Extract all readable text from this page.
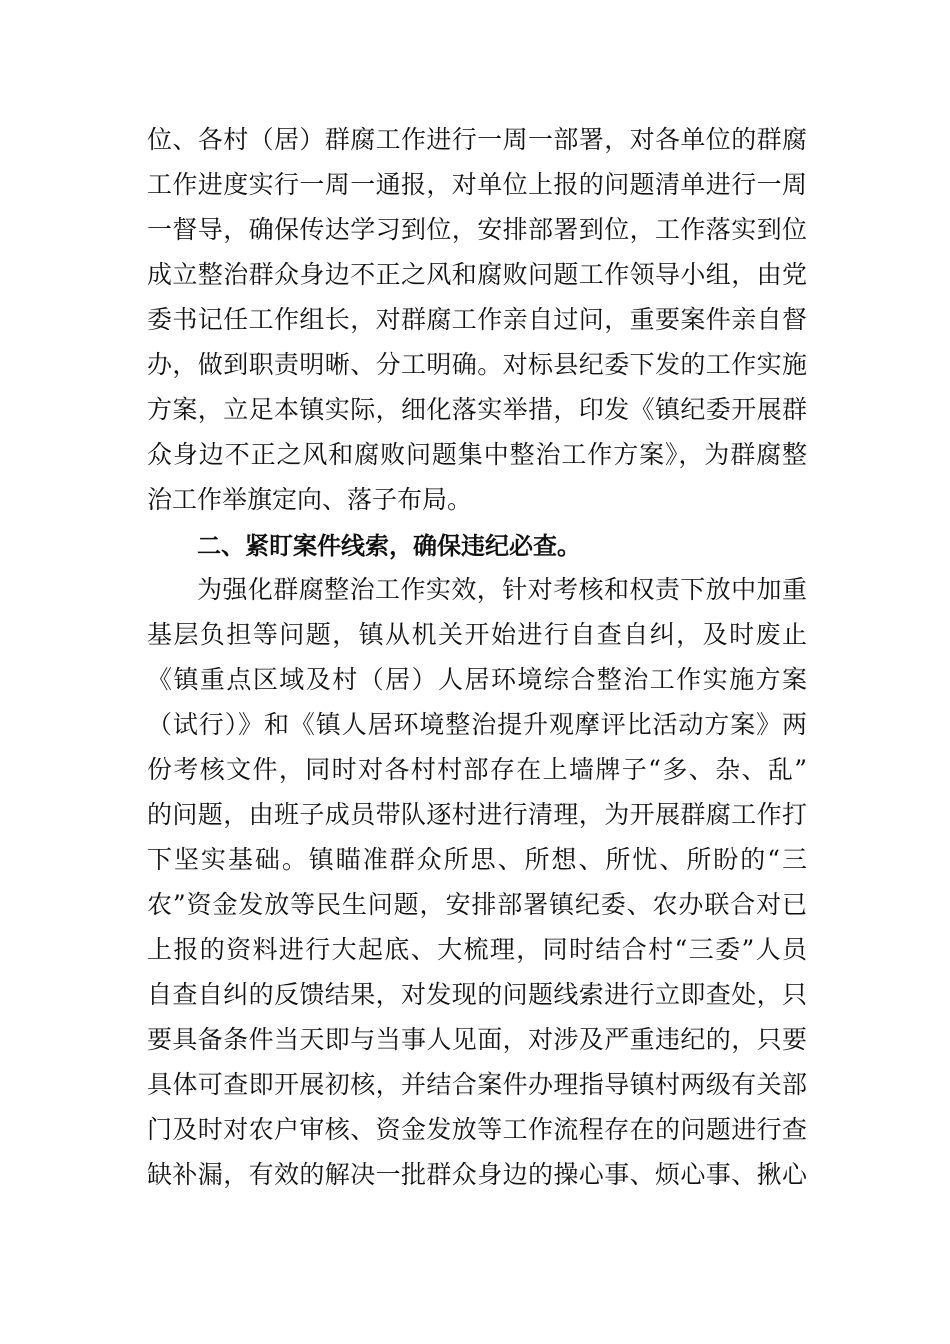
位、各村（居）群腐工作进行一周一部署，对各单位的群腐
工作进度实行一周一通报，对单位上报的问题清单进行一周
一督导，确保传达学习到位，安排部署到位，工作落实到位
成立整治群众身边不正之风和腐败问题工作领导小组，由党
委书记任工作组长，对群腐工作亲自过问，重要案件亲自督
办，做到职责明晰、分工明确。对标县纪委下发的工作实施
方案，立足本镇实际，细化落实举措，印发《镇纪委开展群
众身边不正之风和腐败问题集中整治工作方案》，为群腐整
治工作举旗定向、落子布局。
二、紧盯案件线索，确保违纪必查。
为强化群腐整治工作实效，针对考核和权责下放中加重
基层负担等问题，镇从机关开始进行自查自纠，及时废止
《镇重点区域及村（居）人居环境综合整治工作实施方案
（试行）》和《镇人居环境整治提升观摩评比活动方案》两
份考核文件，同时对各村村部存在上墙牌子“多、杂、乱”
的问题，由班子成员带队逐村进行清理，为开展群腐工作打
下坚实基础。镇瞄准群众所思、所想、所忧、所盼的“三
农”资金发放等民生问题，安排部署镇纪委、农办联合对已
上报的资料进行大起底、大梳理，同时结合村“三委”人员
自查自纠的反馈结果，对发现的问题线索进行立即查处，只
要具备条件当天即与当事人见面，对涉及严重违纪的，只要
具体可查即开展初核，并结合案件办理指导镇村两级有关部
门及时对农户审核、资金发放等工作流程存在的问题进行查
缺补漏，有效的解决一批群众身边的操心事、烦心事、揪心
